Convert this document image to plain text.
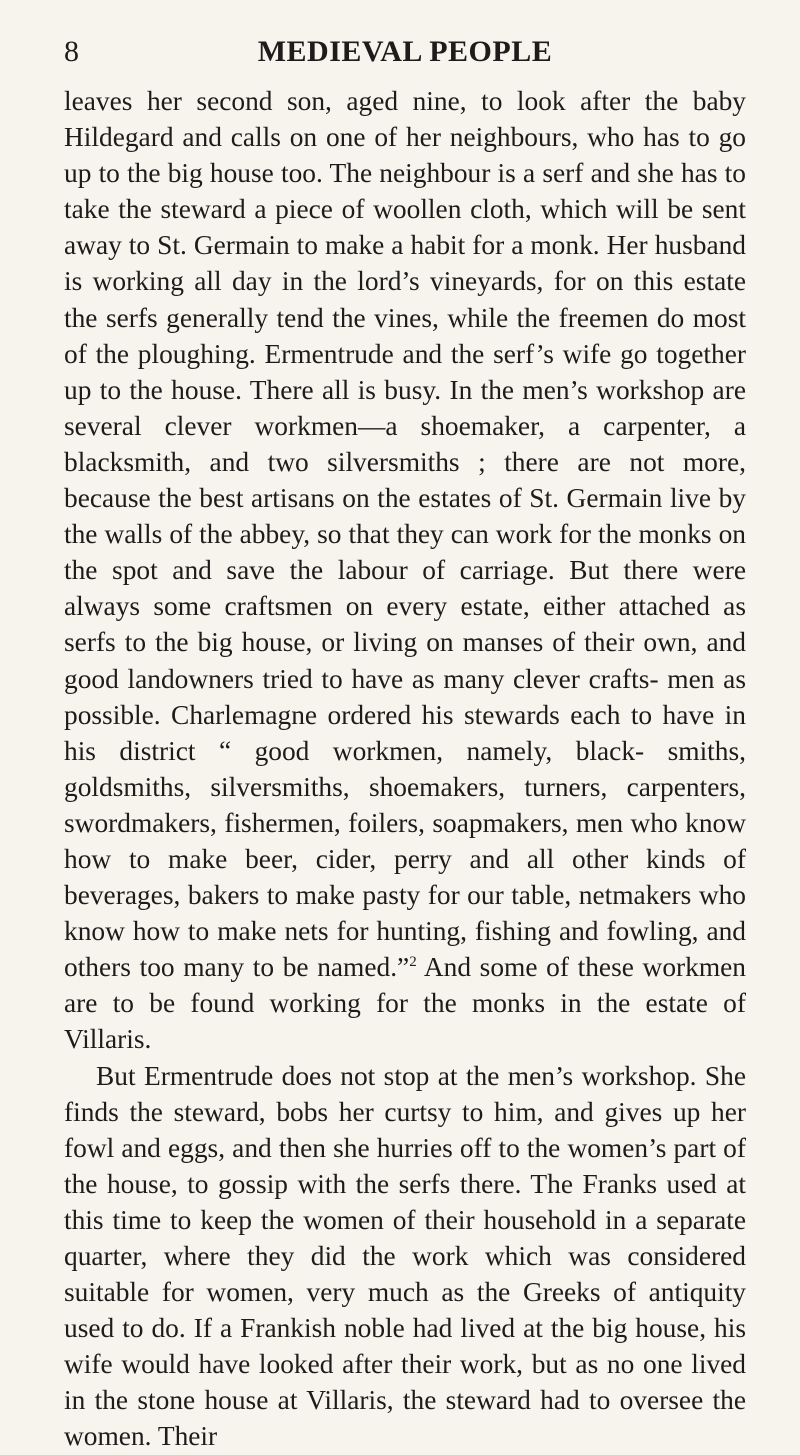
8	MEDIEVAL PEOPLE

leaves her second son, aged nine, to look after the baby Hildegard and calls on one of her neighbours, who has to go up to the big house too. The neighbour is a serf and she has to take the steward a piece of woollen cloth, which will be sent away to St. Germain to make a habit for a monk. Her husband is working all day in the lord’s vineyards, for on this estate the serfs generally tend the vines, while the freemen do most of the ploughing. Ermentrude and the serf’s wife go together up to the house. There all is busy. In the men’s workshop are several clever workmen—a shoemaker, a carpenter, a blacksmith, and two silversmiths ; there are not more, because the best artisans on the estates of St. Germain live by the walls of the abbey, so that they can work for the monks on the spot and save the labour of carriage. But there were always some craftsmen on every estate, either attached as serfs to the big house, or living on manses of their own, and good landowners tried to have as many clever crafts- men as possible. Charlemagne ordered his stewards each to have in his district “ good workmen, namely, black- smiths, goldsmiths, silversmiths, shoemakers, turners, carpenters, swordmakers, fishermen, foilers, soapmakers, men who know how to make beer, cider, perry and all other kinds of beverages, bakers to make pasty for our table, netmakers who know how to make nets for hunting, fishing and fowling, and others too many to be named.”$^2$ And some of these workmen are to be found working for the monks in the estate of Villaris.

But Ermentrude does not stop at the men’s workshop. She finds the steward, bobs her curtsy to him, and gives up her fowl and eggs, and then she hurries off to the women’s part of the house, to gossip with the serfs there. The Franks used at this time to keep the women of their household in a separate quarter, where they did the work which was considered suitable for women, very much as the Greeks of antiquity used to do. If a Frankish noble had lived at the big house, his wife would have looked after their work, but as no one lived in the stone house at Villaris, the steward had to oversee the women. Their
